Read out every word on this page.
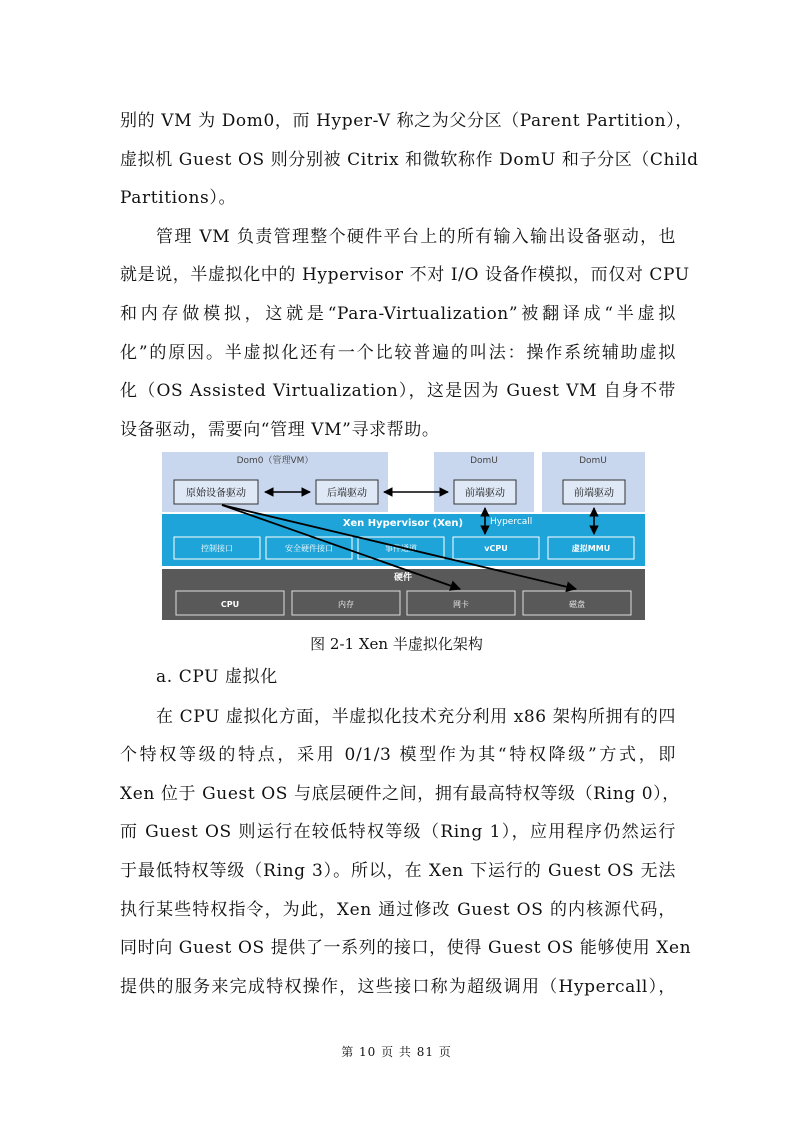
别的 VM 为 Dom0，而 Hyper-V 称之为父分区（Parent Partition），
虚拟机 Guest OS 则分别被 Citrix 和微软称作 DomU 和子分区（Child
Partitions）。
管理 VM 负责管理整个硬件平台上的所有输入输出设备驱动，也
就是说，半虚拟化中的 Hypervisor 不对 I/O 设备作模拟，而仅对 CPU
和内存做模拟，这就是“Para-Virtualization”被翻译成“半虚拟
化”的原因。半虚拟化还有一个比较普遍的叫法：操作系统辅助虚拟
化（OS Assisted Virtualization），这是因为 Guest VM 自身不带
设备驱动，需要向“管理 VM”寻求帮助。
Dom0（管理VM）	DomU	DomU
原始设备驱动	后端驱动	前端驱动	前端驱动
Xen Hypervisor (Xen)
控制接口	安全硬件接口	事件通道	vCPU	虚拟MMU
硬件
CPU	内存	网卡	磁盘
Hypercall
图 2-1 Xen 半虚拟化架构
a. CPU 虚拟化
在 CPU 虚拟化方面，半虚拟化技术充分利用 x86 架构所拥有的四
个特权等级的特点，采用 0/1/3 模型作为其“特权降级”方式，即
Xen 位于 Guest OS 与底层硬件之间，拥有最高特权等级（Ring 0），
而 Guest OS 则运行在较低特权等级（Ring 1），应用程序仍然运行
于最低特权等级（Ring 3）。所以，在 Xen 下运行的 Guest OS 无法
执行某些特权指令，为此，Xen 通过修改 Guest OS 的内核源代码，
同时向 Guest OS 提供了一系列的接口，使得 Guest OS 能够使用 Xen
提供的服务来完成特权操作，这些接口称为超级调用（Hypercall），
第 10 页 共 81 页
